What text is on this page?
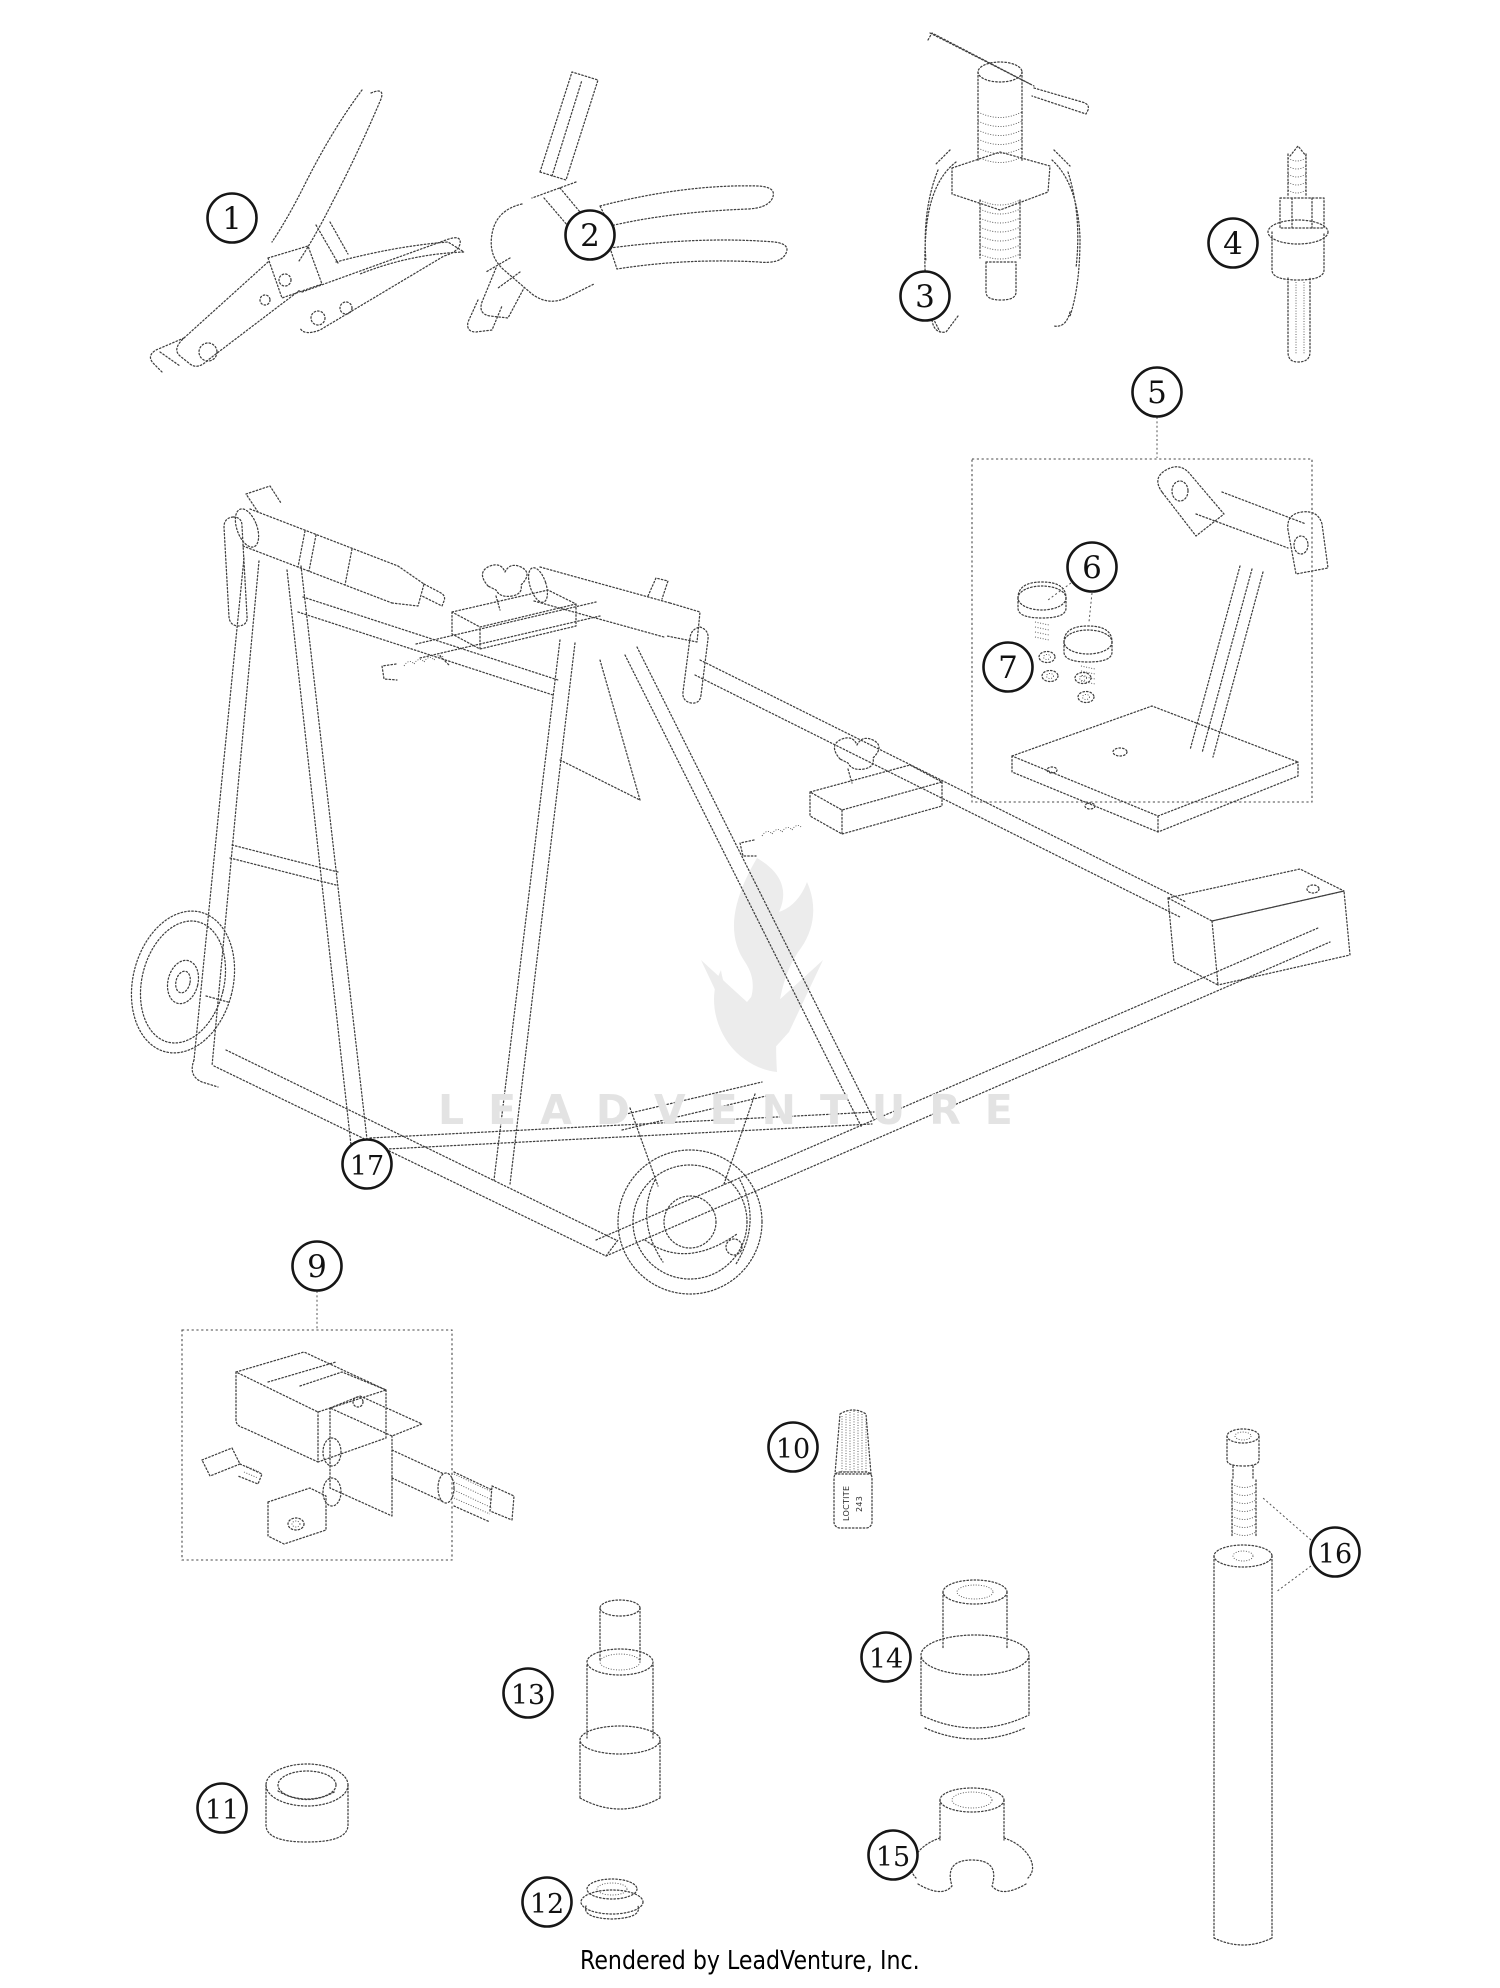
LOCTITE 243
1	2
3
4
5
6
7
9
10
11
12
13
14
15
16
17
LEADVENTURE
Rendered by LeadVenture, Inc.
